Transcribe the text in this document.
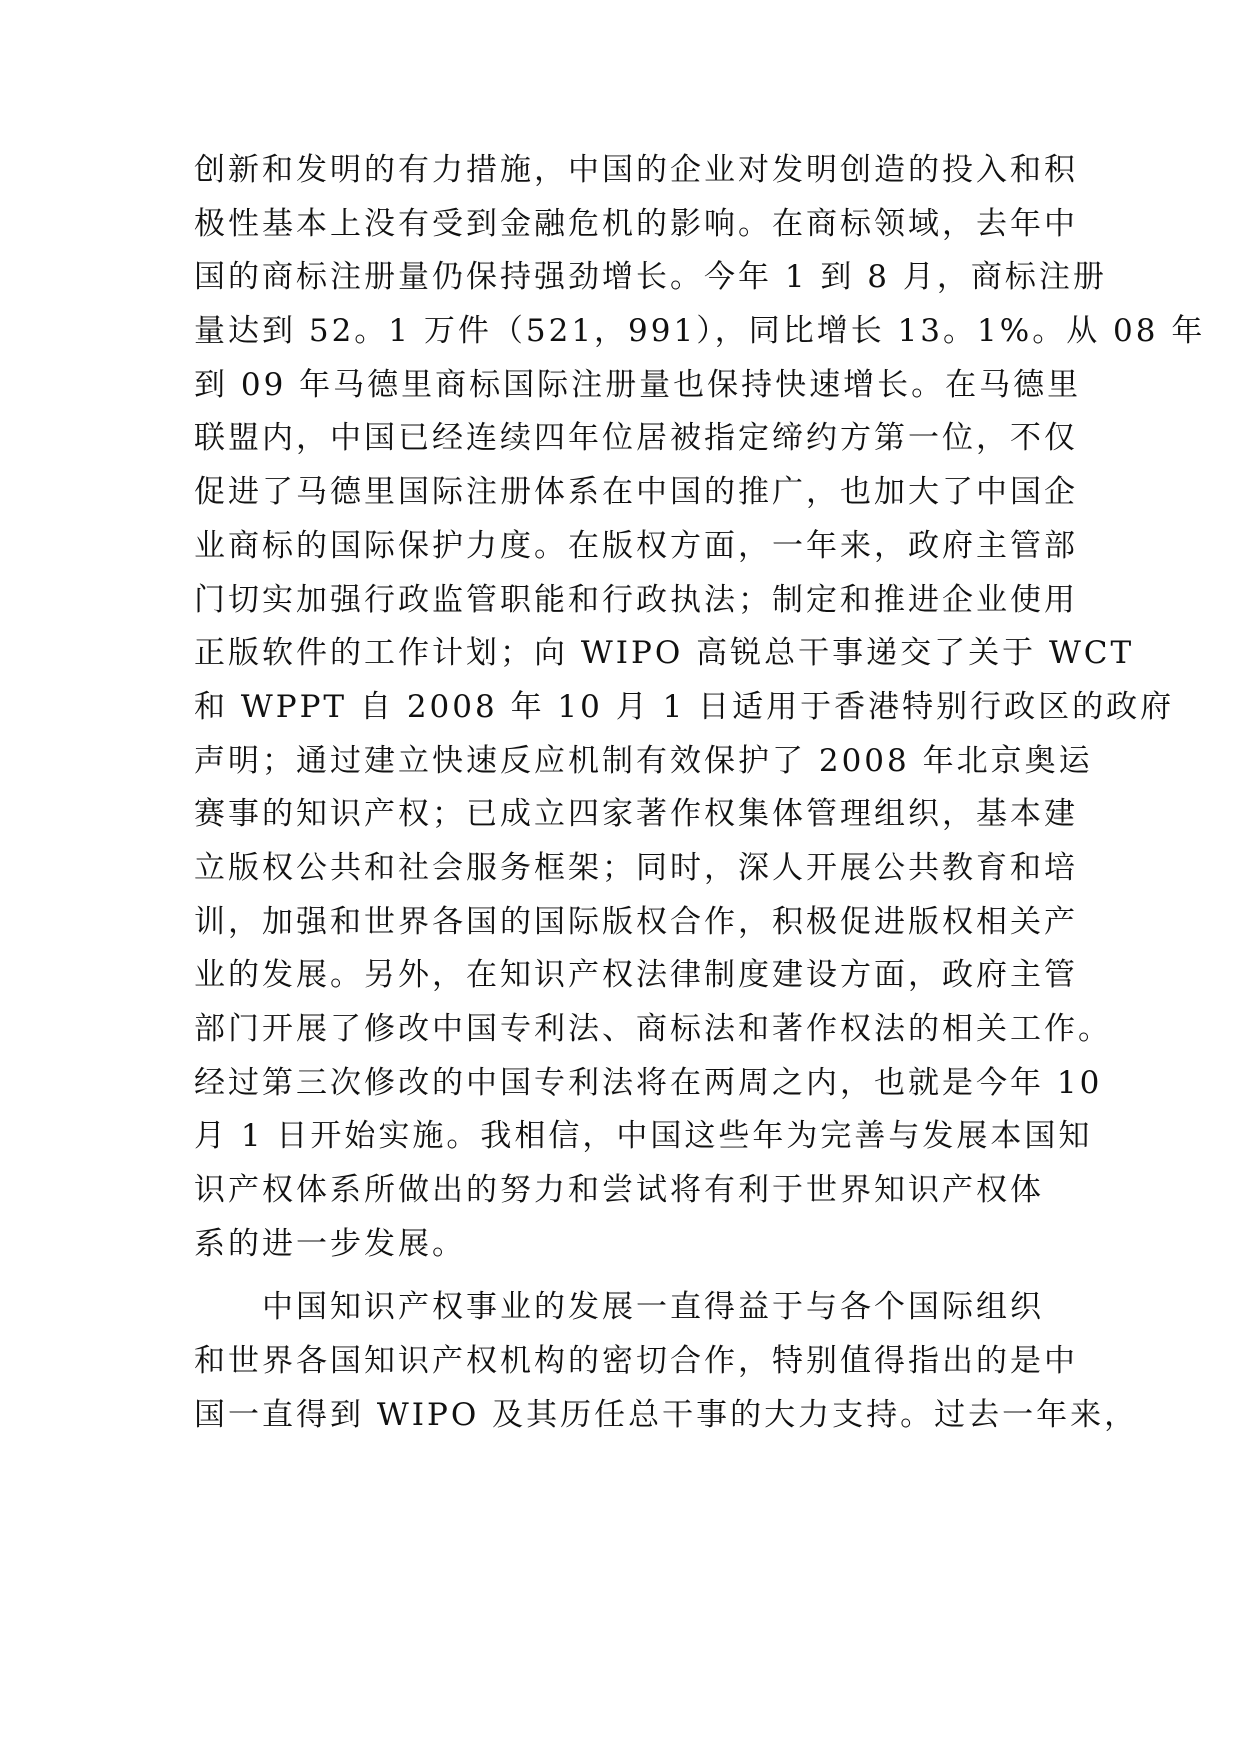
创新和发明的有力措施，中国的企业对发明创造的投入和积
极性基本上没有受到金融危机的影响。在商标领域，去年中
国的商标注册量仍保持强劲增长。今年 1 到 8 月，商标注册
量达到 52。1 万件（521，991），同比增长 13。1%。从 08 年
到 09 年马德里商标国际注册量也保持快速增长。在马德里
联盟内，中国已经连续四年位居被指定缔约方第一位，不仅
促进了马德里国际注册体系在中国的推广，也加大了中国企
业商标的国际保护力度。在版权方面，一年来，政府主管部
门切实加强行政监管职能和行政执法；制定和推进企业使用
正版软件的工作计划；向 WIPO 高锐总干事递交了关于 WCT
和 WPPT 自 2008 年 10 月 1 日适用于香港特别行政区的政府
声明；通过建立快速反应机制有效保护了 2008 年北京奥运
赛事的知识产权；已成立四家著作权集体管理组织，基本建
立版权公共和社会服务框架；同时，深人开展公共教育和培
训，加强和世界各国的国际版权合作，积极促进版权相关产
业的发展。另外，在知识产权法律制度建设方面，政府主管
部门开展了修改中国专利法、商标法和著作权法的相关工作。
经过第三次修改的中国专利法将在两周之内，也就是今年 10
月 1 日开始实施。我相信，中国这些年为完善与发展本国知
识产权体系所做出的努力和尝试将有利于世界知识产权体
系的进一步发展。
中国知识产权事业的发展一直得益于与各个国际组织
和世界各国知识产权机构的密切合作，特别值得指出的是中
国一直得到 WIPO 及其历任总干事的大力支持。过去一年来，
